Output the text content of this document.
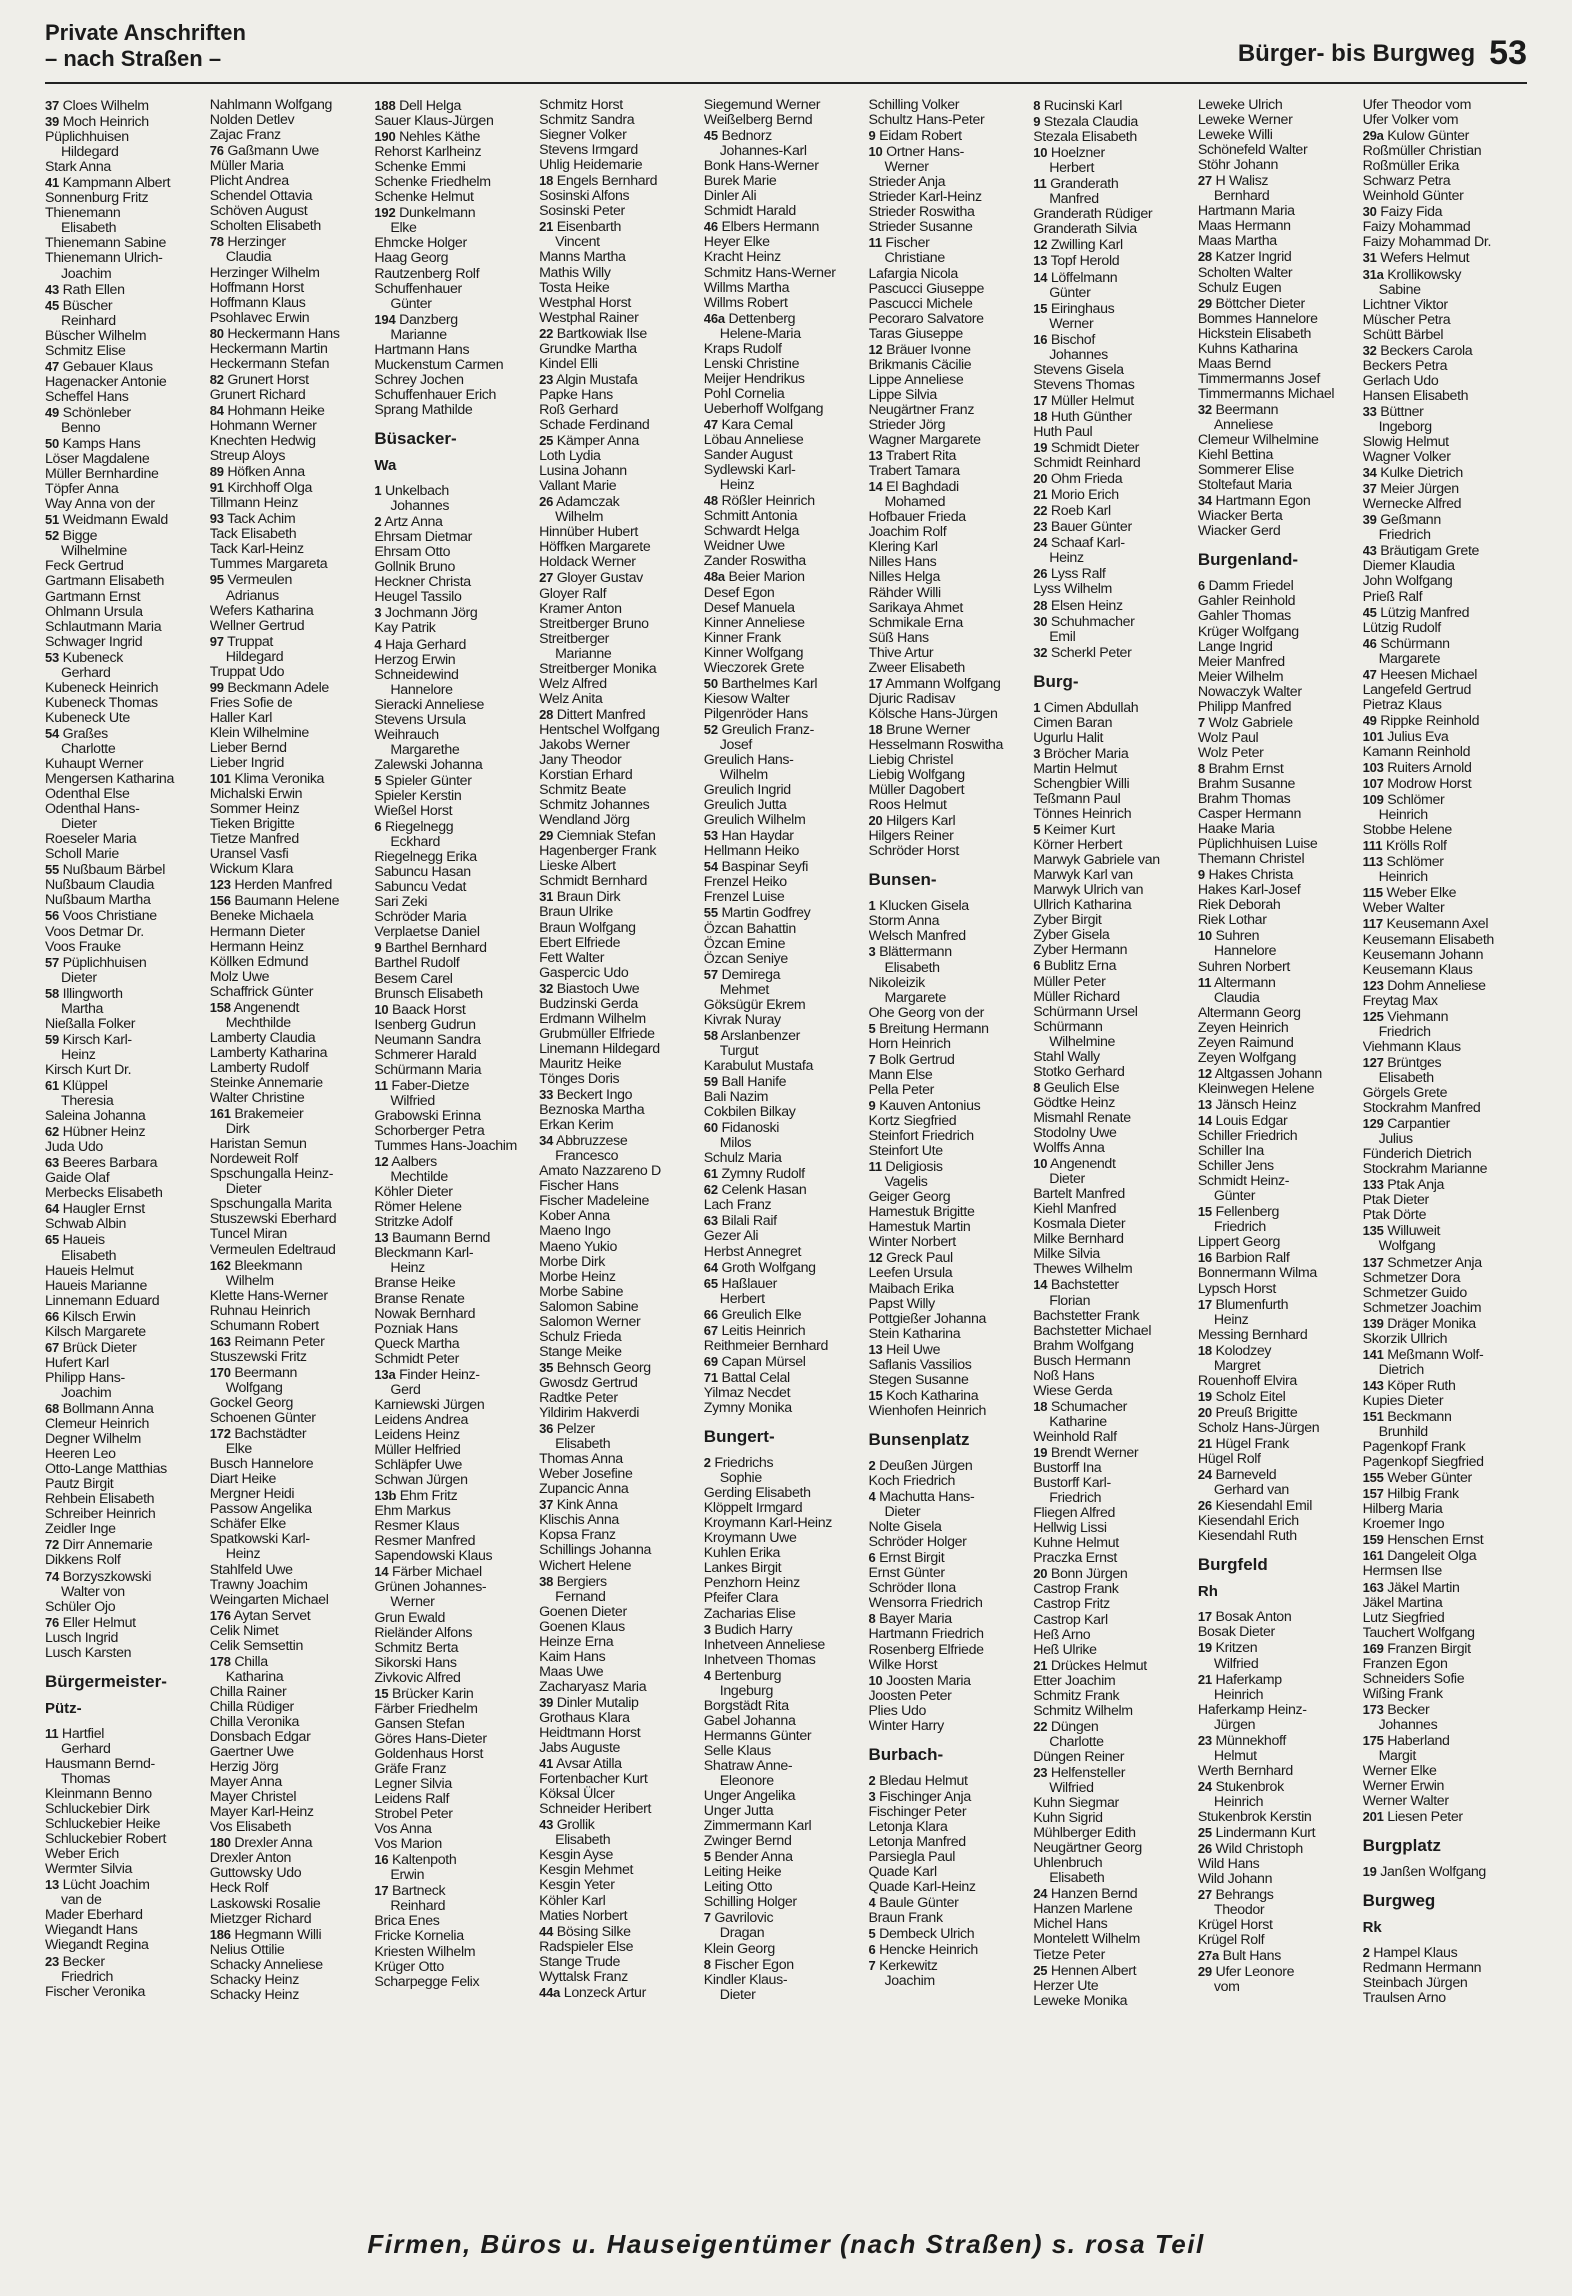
Private Anschriften
– nach Straßen –	Bürger- bis Burgweg 53
37 Cloes Wilhelm
39 Moch Heinrich
Püplichhuisen
Hildegard
Stark Anna
41 Kampmann Albert
Sonnenburg Fritz
Thienemann
Elisabeth
Thienemann Sabine
Thienemann Ulrich-
Joachim
43 Rath Ellen
45 Büscher
Reinhard
Büscher Wilhelm
Schmitz Elise
47 Gebauer Klaus
Hagenacker Antonie
Scheffel Hans
49 Schönleber
Benno
50 Kamps Hans
Löser Magdalene
Müller Bernhardine
Töpfer Anna
Way Anna von der
51 Weidmann Ewald
52 Bigge
Wilhelmine
Feck Gertrud
Gartmann Elisabeth
Gartmann Ernst
Ohlmann Ursula
Schlautmann Maria
Schwager Ingrid
53 Kubeneck
Gerhard
Kubeneck Heinrich
Kubeneck Thomas
Kubeneck Ute
54 Graßes
Charlotte
Kuhaupt Werner
Mengersen Katharina
Odenthal Else
Odenthal Hans-
Dieter
Roeseler Maria
Scholl Marie
55 Nußbaum Bärbel
Nußbaum Claudia
Nußbaum Martha
56 Voos Christiane
Voos Detmar Dr.
Voos Frauke
57 Püplichhuisen
Dieter
58 Illingworth
Martha
Nießalla Folker
59 Kirsch Karl-
Heinz
Kirsch Kurt Dr.
61 Klüppel
Theresia
Saleina Johanna
62 Hübner Heinz
Juda Udo
63 Beeres Barbara
Gaide Olaf
Merbecks Elisabeth
64 Haugler Ernst
Schwab Albin
65 Haueis
Elisabeth
Haueis Helmut
Haueis Marianne
Linnemann Eduard
66 Kilsch Erwin
Kilsch Margarete
67 Brück Dieter
Hufert Karl
Philipp Hans-
Joachim
68 Bollmann Anna
Clemeur Heinrich
Degner Wilhelm
Heeren Leo
Otto-Lange Matthias
Pautz Birgit
Rehbein Elisabeth
Schreiber Heinrich
Zeidler Inge
72 Dirr Annemarie
Dikkens Rolf
74 Borzyszkowski
Walter von
Schüler Ojo
76 Eller Helmut
Lusch Ingrid
Lusch Karsten
Bürgermeister-
Pütz-
11 Hartfiel
Gerhard
Hausmann Bernd-
Thomas
Kleinmann Benno
Schluckebier Dirk
Schluckebier Heike
Schluckebier Robert
Weber Erich
Wermter Silvia
13 Lücht Joachim
van de
Mader Eberhard
Wiegandt Hans
Wiegandt Regina
23 Becker
Friedrich
Fischer Veronika
Nahlmann Wolfgang
Nolden Detlev
Zajac Franz
76 Gaßmann Uwe
Müller Maria
Plicht Andrea
Schendel Ottavia
Schöven August
Scholten Elisabeth
78 Herzinger
Claudia
Herzinger Wilhelm
Hoffmann Horst
Hoffmann Klaus
Psohlavec Erwin
80 Heckermann Hans
Heckermann Martin
Heckermann Stefan
82 Grunert Horst
Grunert Richard
84 Hohmann Heike
Hohmann Werner
Knechten Hedwig
Streup Aloys
89 Höfken Anna
91 Kirchhoff Olga
Tillmann Heinz
93 Tack Achim
Tack Elisabeth
Tack Karl-Heinz
Tummes Margareta
95 Vermeulen
Adrianus
Wefers Katharina
Wellner Gertrud
97 Truppat
Hildegard
Truppat Udo
99 Beckmann Adele
Fries Sofie de
Haller Karl
Klein Wilhelmine
Lieber Bernd
Lieber Ingrid
101 Klima Veronika
Michalski Erwin
Sommer Heinz
Tieken Brigitte
Tietze Manfred
Uransel Vasfi
Wickum Klara
123 Herden Manfred
156 Baumann Helene
Beneke Michaela
Hermann Dieter
Hermann Heinz
Köllken Edmund
Molz Uwe
Schaffrick Günter
158 Angenendt
Mechthilde
Lamberty Claudia
Lamberty Katharina
Lamberty Rudolf
Steinke Annemarie
Walter Christine
161 Brakemeier
Dirk
Haristan Semun
Nordeweit Rolf
Spschungalla Heinz-
Dieter
Spschungalla Marita
Stuszewski Eberhard
Tuncel Miran
Vermeulen Edeltraud
162 Bleekmann
Wilhelm
Klette Hans-Werner
Ruhnau Heinrich
Schumann Robert
163 Reimann Peter
Stuszewski Fritz
170 Beermann
Wolfgang
Gockel Georg
Schoenen Günter
172 Bachstädter
Elke
Busch Hannelore
Diart Heike
Mergner Heidi
Passow Angelika
Schäfer Elke
Spatkowski Karl-
Heinz
Stahlfeld Uwe
Trawny Joachim
Weingarten Michael
176 Aytan Servet
Celik Nimet
Celik Semsettin
178 Chilla
Katharina
Chilla Rainer
Chilla Rüdiger
Chilla Veronika
Donsbach Edgar
Gaertner Uwe
Herzig Jörg
Mayer Anna
Mayer Christel
Mayer Karl-Heinz
Vos Elisabeth
180 Drexler Anna
Drexler Anton
Guttowsky Udo
Heck Rolf
Laskowski Rosalie
Mietzger Richard
186 Hegmann Willi
Nelius Ottilie
Schacky Anneliese
Schacky Heinz
Schacky Heinz
188 Dell Helga
Sauer Klaus-Jürgen
190 Nehles Käthe
Rehorst Karlheinz
Schenke Emmi
Schenke Friedhelm
Schenke Helmut
192 Dunkelmann
Elke
Ehmcke Holger
Haag Georg
Rautzenberg Rolf
Schuffenhauer
Günter
194 Danzberg
Marianne
Hartmann Hans
Muckenstum Carmen
Schrey Jochen
Schuffenhauer Erich
Sprang Mathilde
Büsacker-
Wa
1 Unkelbach
Johannes
2 Artz Anna
Ehrsam Dietmar
Ehrsam Otto
Gollnik Bruno
Heckner Christa
Heugel Tassilo
3 Jochmann Jörg
Kay Patrik
4 Haja Gerhard
Herzog Erwin
Schneidewind
Hannelore
Sieracki Anneliese
Stevens Ursula
Weihrauch
Margarethe
Zalewski Johanna
5 Spieler Günter
Spieler Kerstin
Wießel Horst
6 Riegelnegg
Eckhard
Riegelnegg Erika
Sabuncu Hasan
Sabuncu Vedat
Sari Zeki
Schröder Maria
Verplaetse Daniel
9 Barthel Bernhard
Barthel Rudolf
Besem Carel
Brunsch Elisabeth
10 Baack Horst
Isenberg Gudrun
Neumann Sandra
Schmerer Harald
Schürmann Maria
11 Faber-Dietze
Wilfried
Grabowski Erinna
Schorberger Petra
Tummes Hans-Joachim
12 Aalbers
Mechtilde
Köhler Dieter
Römer Helene
Stritzke Adolf
13 Baumann Bernd
Bleckmann Karl-
Heinz
Branse Heike
Branse Renate
Nowak Bernhard
Pozniak Hans
Queck Martha
Schmidt Peter
13a Finder Heinz-
Gerd
Karniewski Jürgen
Leidens Andrea
Leidens Heinz
Müller Helfried
Schläpfer Uwe
Schwan Jürgen
13b Ehm Fritz
Ehm Markus
Resmer Klaus
Resmer Manfred
Sapendowski Klaus
14 Färber Michael
Grünen Johannes-
Werner
Grun Ewald
Rieländer Alfons
Schmitz Berta
Sikorski Hans
Zivkovic Alfred
15 Brücker Karin
Färber Friedhelm
Gansen Stefan
Göres Hans-Dieter
Goldenhaus Horst
Gräfe Franz
Legner Silvia
Leidens Ralf
Strobel Peter
Vos Anna
Vos Marion
16 Kaltenpoth
Erwin
17 Bartneck
Reinhard
Brica Enes
Fricke Kornelia
Kriesten Wilhelm
Krüger Otto
Scharpegge Felix
Schmitz Horst
Schmitz Sandra
Siegner Volker
Stevens Irmgard
Uhlig Heidemarie
18 Engels Bernhard
Sosinski Alfons
Sosinski Peter
21 Eisenbarth
Vincent
Manns Martha
Mathis Willy
Tosta Heike
Westphal Horst
Westphal Rainer
22 Bartkowiak Ilse
Grundke Martha
Kindel Elli
23 Algin Mustafa
Papke Hans
Roß Gerhard
Schade Ferdinand
25 Kämper Anna
Loth Lydia
Lusina Johann
Vallant Marie
26 Adamczak
Wilhelm
Hinnüber Hubert
Höffken Margarete
Holdack Werner
27 Gloyer Gustav
Gloyer Ralf
Kramer Anton
Streitberger Bruno
Streitberger
Marianne
Streitberger Monika
Welz Alfred
Welz Anita
28 Dittert Manfred
Hentschel Wolfgang
Jakobs Werner
Jany Theodor
Korstian Erhard
Schmitz Beate
Schmitz Johannes
Wendland Jörg
29 Ciemniak Stefan
Hagenberger Frank
Lieske Albert
Schmidt Bernhard
31 Braun Dirk
Braun Ulrike
Braun Wolfgang
Ebert Elfriede
Fett Walter
Gaspercic Udo
32 Biastoch Uwe
Budzinski Gerda
Erdmann Wilhelm
Grubmüller Elfriede
Linemann Hildegard
Mauritz Heike
Tönges Doris
33 Beckert Ingo
Beznoska Martha
Erkan Kerim
34 Abbruzzese
Francesco
Amato Nazzareno D
Fischer Hans
Fischer Madeleine
Kober Anna
Maeno Ingo
Maeno Yukio
Morbe Dirk
Morbe Heinz
Morbe Sabine
Salomon Sabine
Salomon Werner
Schulz Frieda
Stange Meike
35 Behnsch Georg
Gwosdz Gertrud
Radtke Peter
Yildirim Hakverdi
36 Pelzer
Elisabeth
Thomas Anna
Weber Josefine
Zupancic Anna
37 Kink Anna
Klischis Anna
Kopsa Franz
Schillings Johanna
Wichert Helene
38 Bergiers
Fernand
Goenen Dieter
Goenen Klaus
Heinze Erna
Kaim Hans
Maas Uwe
Zacharyasz Maria
39 Dinler Mutalip
Grothaus Klara
Heidtmann Horst
Jabs Auguste
41 Avsar Atilla
Fortenbacher Kurt
Köksal Ülcer
Schneider Heribert
43 Grollik
Elisabeth
Kesgin Ayse
Kesgin Mehmet
Kesgin Yeter
Köhler Karl
Maties Norbert
44 Bösing Silke
Radspieler Else
Stange Trude
Wyttalsk Franz
44a Lonzeck Artur
Siegemund Werner
Weißelberg Bernd
45 Bednorz
Johannes-Karl
Bonk Hans-Werner
Burek Marie
Dinler Ali
Schmidt Harald
46 Elbers Hermann
Heyer Elke
Kracht Heinz
Schmitz Hans-Werner
Willms Martha
Willms Robert
46a Dettenberg
Helene-Maria
Kraps Rudolf
Lenski Christine
Meijer Hendrikus
Pohl Cornelia
Ueberhoff Wolfgang
47 Kara Cemal
Löbau Anneliese
Sander August
Sydlewski Karl-
Heinz
48 Rößler Heinrich
Schmitt Antonia
Schwardt Helga
Weidner Uwe
Zander Roswitha
48a Beier Marion
Desef Egon
Desef Manuela
Kinner Anneliese
Kinner Frank
Kinner Wolfgang
Wieczorek Grete
50 Barthelmes Karl
Kiesow Walter
Pilgenröder Hans
52 Greulich Franz-
Josef
Greulich Hans-
Wilhelm
Greulich Ingrid
Greulich Jutta
Greulich Wilhelm
53 Han Haydar
Hellmann Heiko
54 Baspinar Seyfi
Frenzel Heiko
Frenzel Luise
55 Martin Godfrey
Özcan Bahattin
Özcan Emine
Özcan Seniye
57 Demirega
Mehmet
Göksügür Ekrem
Kivrak Nuray
58 Arslanbenzer
Turgut
Karabulut Mustafa
59 Ball Hanife
Bali Nazim
Cokbilen Bilkay
60 Fidanoski
Milos
Schulz Maria
61 Zymny Rudolf
62 Celenk Hasan
Lach Franz
63 Bilali Raif
Gezer Ali
Herbst Annegret
64 Groth Wolfgang
65 Haßlauer
Herbert
66 Greulich Elke
67 Leitis Heinrich
Reithmeier Bernhard
69 Capan Mürsel
71 Battal Celal
Yilmaz Necdet
Zymny Monika
Bungert-
2 Friedrichs
Sophie
Gerding Elisabeth
Klöppelt Irmgard
Kroymann Karl-Heinz
Kroymann Uwe
Kuhlen Erika
Lankes Birgit
Penzhorn Heinz
Pfeifer Clara
Zacharias Elise
3 Budich Harry
Inhetveen Anneliese
Inhetveen Thomas
4 Bertenburg
Ingeburg
Borgstädt Rita
Gabel Johanna
Hermanns Günter
Selle Klaus
Shatraw Anne-
Eleonore
Unger Angelika
Unger Jutta
Zimmermann Karl
Zwinger Bernd
5 Bender Anna
Leiting Heike
Leiting Otto
Schilling Holger
7 Gavrilovic
Dragan
Klein Georg
8 Fischer Egon
Kindler Klaus-
Dieter
Schilling Volker
Schultz Hans-Peter
9 Eidam Robert
10 Ortner Hans-
Werner
Strieder Anja
Strieder Karl-Heinz
Strieder Roswitha
Strieder Susanne
11 Fischer
Christiane
Lafargia Nicola
Pascucci Giuseppe
Pascucci Michele
Pecoraro Salvatore
Taras Giuseppe
12 Bräuer Ivonne
Brikmanis Cäcilie
Lippe Anneliese
Lippe Silvia
Neugärtner Franz
Strieder Jörg
Wagner Margarete
13 Trabert Rita
Trabert Tamara
14 El Baghdadi
Mohamed
Hofbauer Frieda
Joachim Rolf
Klering Karl
Nilles Hans
Nilles Helga
Rähder Willi
Sarikaya Ahmet
Schmikale Erna
Süß Hans
Thive Artur
Zweer Elisabeth
17 Ammann Wolfgang
Djuric Radisav
Kölsche Hans-Jürgen
18 Brune Werner
Hesselmann Roswitha
Liebig Christel
Liebig Wolfgang
Müller Dagobert
Roos Helmut
20 Hilgers Karl
Hilgers Reiner
Schröder Horst
Bunsen-
1 Klucken Gisela
Storm Anna
Welsch Manfred
3 Blättermann
Elisabeth
Nikoleizik
Margarete
Ohe Georg von der
5 Breitung Hermann
Horn Heinrich
7 Bolk Gertrud
Mann Else
Pella Peter
9 Kauven Antonius
Kortz Siegfried
Steinfort Friedrich
Steinfort Ute
11 Deligiosis
Vagelis
Geiger Georg
Hamestuk Brigitte
Hamestuk Martin
Winter Norbert
12 Greck Paul
Leefen Ursula
Maibach Erika
Papst Willy
Pottgießer Johanna
Stein Katharina
13 Heil Uwe
Saflanis Vassilios
Stegen Susanne
15 Koch Katharina
Wienhofen Heinrich
Bunsenplatz
2 Deußen Jürgen
Koch Friedrich
4 Machutta Hans-
Dieter
Nolte Gisela
Schröder Holger
6 Ernst Birgit
Ernst Günter
Schröder Ilona
Wensorra Friedrich
8 Bayer Maria
Hartmann Friedrich
Rosenberg Elfriede
Wilke Horst
10 Joosten Maria
Joosten Peter
Plies Udo
Winter Harry
Burbach-
2 Bledau Helmut
3 Fischinger Anja
Fischinger Peter
Letonja Klara
Letonja Manfred
Parsiegla Paul
Quade Karl
Quade Karl-Heinz
4 Baule Günter
Braun Frank
5 Dembeck Ulrich
6 Hencke Heinrich
7 Kerkewitz
Joachim
8 Rucinski Karl
9 Stezala Claudia
Stezala Elisabeth
10 Hoelzner
Herbert
11 Granderath
Manfred
Granderath Rüdiger
Granderath Silvia
12 Zwilling Karl
13 Topf Herold
14 Löffelmann
Günter
15 Eiringhaus
Werner
16 Bischof
Johannes
Stevens Gisela
Stevens Thomas
17 Müller Helmut
18 Huth Günther
Huth Paul
19 Schmidt Dieter
Schmidt Reinhard
20 Ohm Frieda
21 Morio Erich
22 Roeb Karl
23 Bauer Günter
24 Schaaf Karl-
Heinz
26 Lyss Ralf
Lyss Wilhelm
28 Elsen Heinz
30 Schuhmacher
Emil
32 Scherkl Peter
Burg-
1 Cimen Abdullah
Cimen Baran
Ugurlu Halit
3 Bröcher Maria
Martin Helmut
Schengbier Willi
Teßmann Paul
Tönnes Heinrich
5 Keimer Kurt
Körner Herbert
Marwyk Gabriele van
Marwyk Karl van
Marwyk Ulrich van
Ullrich Katharina
Zyber Birgit
Zyber Gisela
Zyber Hermann
6 Bublitz Erna
Müller Peter
Müller Richard
Schürmann Ursel
Schürmann
Wilhelmine
Stahl Wally
Stotko Gerhard
8 Geulich Else
Gödtke Heinz
Mismahl Renate
Stodolny Uwe
Wolffs Anna
10 Angenendt
Dieter
Bartelt Manfred
Kiehl Manfred
Kosmala Dieter
Milke Bernhard
Milke Silvia
Thewes Wilhelm
14 Bachstetter
Florian
Bachstetter Frank
Bachstetter Michael
Brahm Wolfgang
Busch Hermann
Noß Hans
Wiese Gerda
18 Schumacher
Katharine
Weinhold Ralf
19 Brendt Werner
Bustorff Ina
Bustorff Karl-
Friedrich
Fliegen Alfred
Hellwig Lissi
Kuhne Helmut
Praczka Ernst
20 Bonn Jürgen
Castrop Frank
Castrop Fritz
Castrop Karl
Heß Arno
Heß Ulrike
21 Drückes Helmut
Etter Joachim
Schmitz Frank
Schmitz Wilhelm
22 Düngen
Charlotte
Düngen Reiner
23 Helfensteller
Wilfried
Kuhn Siegmar
Kuhn Sigrid
Mühlberger Edith
Neugärtner Georg
Uhlenbruch
Elisabeth
24 Hanzen Bernd
Hanzen Marlene
Michel Hans
Montelett Wilhelm
Tietze Peter
25 Hennen Albert
Herzer Ute
Leweke Monika
Leweke Ulrich
Leweke Werner
Leweke Willi
Schönefeld Walter
Stöhr Johann
27 H Walisz
Bernhard
Hartmann Maria
Maas Hermann
Maas Martha
28 Katzer Ingrid
Scholten Walter
Schulz Eugen
29 Böttcher Dieter
Bommes Hannelore
Hickstein Elisabeth
Kuhns Katharina
Maas Bernd
Timmermanns Josef
Timmermanns Michael
32 Beermann
Anneliese
Clemeur Wilhelmine
Kiehl Bettina
Sommerer Elise
Stoltefaut Maria
34 Hartmann Egon
Wiacker Berta
Wiacker Gerd
Burgenland-
6 Damm Friedel
Gahler Reinhold
Gahler Thomas
Krüger Wolfgang
Lange Ingrid
Meier Manfred
Meier Wilhelm
Nowaczyk Walter
Philipp Manfred
7 Wolz Gabriele
Wolz Paul
Wolz Peter
8 Brahm Ernst
Brahm Susanne
Brahm Thomas
Casper Hermann
Haake Maria
Püplichhuisen Luise
Themann Christel
9 Hakes Christa
Hakes Karl-Josef
Riek Deborah
Riek Lothar
10 Suhren
Hannelore
Suhren Norbert
11 Altermann
Claudia
Altermann Georg
Zeyen Heinrich
Zeyen Raimund
Zeyen Wolfgang
12 Altgassen Johann
Kleinwegen Helene
13 Jänsch Heinz
14 Louis Edgar
Schiller Friedrich
Schiller Ina
Schiller Jens
Schmidt Heinz-
Günter
15 Fellenberg
Friedrich
Lippert Georg
16 Barbion Ralf
Bonnermann Wilma
Lypsch Horst
17 Blumenfurth
Heinz
Messing Bernhard
18 Kolodzey
Margret
Rouenhoff Elvira
19 Scholz Eitel
20 Preuß Brigitte
Scholz Hans-Jürgen
21 Hügel Frank
Hügel Rolf
24 Barneveld
Gerhard van
26 Kiesendahl Emil
Kiesendahl Erich
Kiesendahl Ruth
Burgfeld
Rh
17 Bosak Anton
Bosak Dieter
19 Kritzen
Wilfried
21 Haferkamp
Heinrich
Haferkamp Heinz-
Jürgen
23 Münnekhoff
Helmut
Werth Bernhard
24 Stukenbrok
Heinrich
Stukenbrok Kerstin
25 Lindermann Kurt
26 Wild Christoph
Wild Hans
Wild Johann
27 Behrangs
Theodor
Krügel Horst
Krügel Rolf
27a Bult Hans
29 Ufer Leonore
vom
Ufer Theodor vom
Ufer Volker vom
29a Kulow Günter
Roßmüller Christian
Roßmüller Erika
Schwarz Petra
Weinhold Günter
30 Faizy Fida
Faizy Mohammad
Faizy Mohammad Dr.
31 Wefers Helmut
31a Krollikowsky
Sabine
Lichtner Viktor
Müscher Petra
Schütt Bärbel
32 Beckers Carola
Beckers Petra
Gerlach Udo
Hansen Elisabeth
33 Büttner
Ingeborg
Slowig Helmut
Wagner Volker
34 Kulke Dietrich
37 Meier Jürgen
Wernecke Alfred
39 Geßmann
Friedrich
43 Bräutigam Grete
Diemer Klaudia
John Wolfgang
Prieß Ralf
45 Lützig Manfred
Lützig Rudolf
46 Schürmann
Margarete
47 Heesen Michael
Langefeld Gertrud
Pietraz Klaus
49 Rippke Reinhold
101 Julius Eva
Kamann Reinhold
103 Ruiters Arnold
107 Modrow Horst
109 Schlömer
Heinrich
Stobbe Helene
111 Krölls Rolf
113 Schlömer
Heinrich
115 Weber Elke
Weber Walter
117 Keusemann Axel
Keusemann Elisabeth
Keusemann Johann
Keusemann Klaus
123 Dohm Anneliese
Freytag Max
125 Viehmann
Friedrich
Viehmann Klaus
127 Brüntges
Elisabeth
Görgels Grete
Stockrahm Manfred
129 Carpantier
Julius
Fünderich Dietrich
Stockrahm Marianne
133 Ptak Anja
Ptak Dieter
Ptak Dörte
135 Willuweit
Wolfgang
137 Schmetzer Anja
Schmetzer Dora
Schmetzer Guido
Schmetzer Joachim
139 Dräger Monika
Skorzik Ullrich
141 Meßmann Wolf-
Dietrich
143 Köper Ruth
Kupies Dieter
151 Beckmann
Brunhild
Pagenkopf Frank
Pagenkopf Siegfried
155 Weber Günter
157 Hilbig Frank
Hilberg Maria
Kroemer Ingo
159 Henschen Ernst
161 Dangeleit Olga
Hermsen Ilse
163 Jäkel Martin
Jäkel Martina
Lutz Siegfried
Tauchert Wolfgang
169 Franzen Birgit
Franzen Egon
Schneiders Sofie
Wißing Frank
173 Becker
Johannes
175 Haberland
Margit
Werner Elke
Werner Erwin
Werner Walter
201 Liesen Peter
Burgplatz
19 Janßen Wolfgang
Burgweg
Rk
2 Hampel Klaus
Redmann Hermann
Steinbach Jürgen
Traulsen Arno
Firmen, Büros u. Hauseigentümer (nach Straßen) s. rosa Teil
